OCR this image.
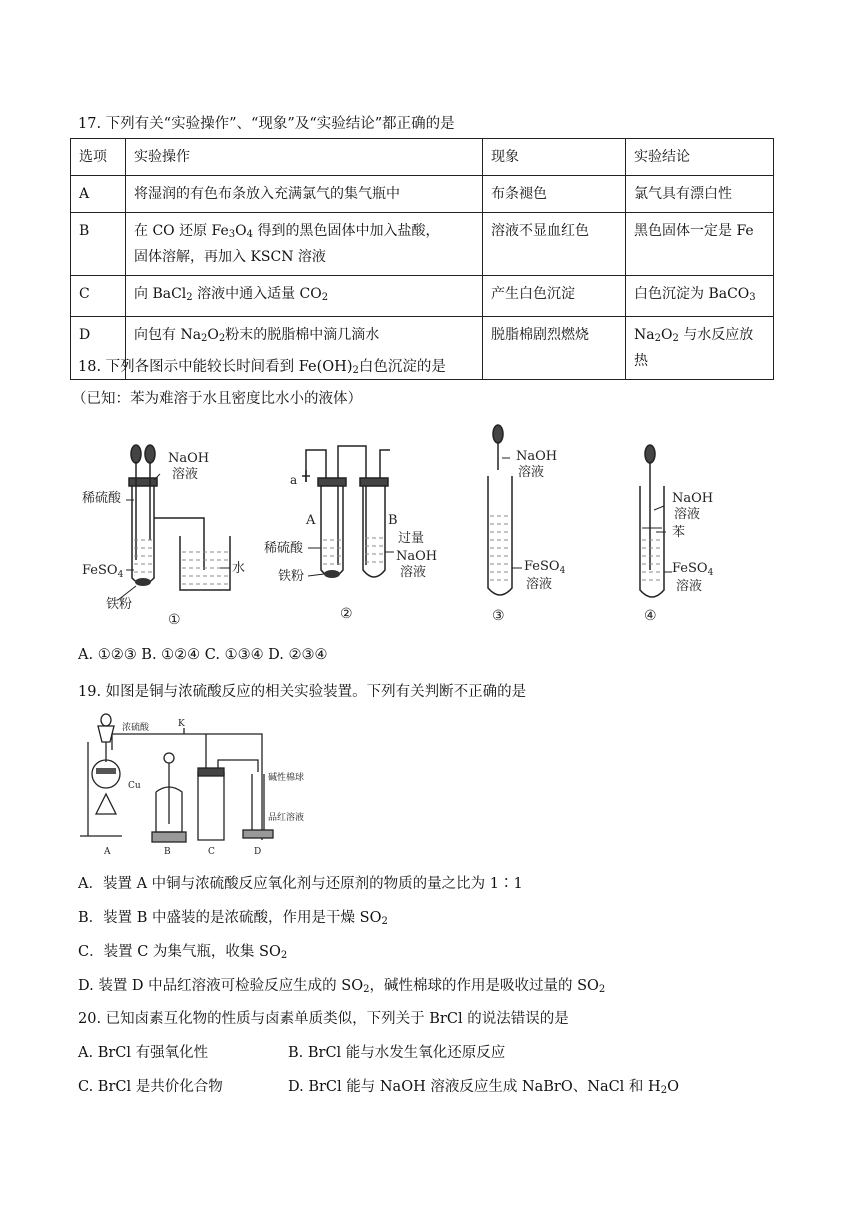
17. 下列有关“实验操作”、“现象”及“实验结论”都正确的是
选项	实验操作	现象	实验结论
A	将湿润的有色布条放入充满氯气的集气瓶中	布条褪色	氯气具有漂白性
B	在 CO 还原 $Fe_3O_4$ 得到的黑色固体中加入盐酸，
固体溶解，再加入 KSCN 溶液	溶液不显血红色	黑色固体一定是 Fe
C	向 BaCl$_2$ 溶液中通入适量 $CO_2$	产生白色沉淀	白色沉淀为 BaCO$_3$
D	向包有 $Na_2O_2$粉末的脱脂棉中滴几滴水	脱脂棉剧烈燃烧	$Na_2O_2$ 与水反应放热
18. 下列各图示中能较长时间看到 $Fe(OH)_2$白色沉淀的是
（已知：苯为难溶于水且密度比水小的液体）
稀硫酸
NaOH
溶液
FeSO$_4$	水
铁粉
①
a
A	B
稀硫酸
铁粉
过量
NaOH
溶液
②
NaOH
溶液
FeSO$_4$
溶液
③
NaOH
溶液
苯
FeSO$_4$
溶液
④
A. ①②③ B. ①②④ C. ①③④ D. ②③④
19. 如图是铜与浓硫酸反应的相关实验装置。下列有关判断不正确的是
浓硫酸	K
Cu
碱性棉球
品红溶液
A	B	C	D
A．装置 A 中铜与浓硫酸反应氧化剂与还原剂的物质的量之比为 1∶1
B．装置 B 中盛装的是浓硫酸，作用是干燥 $SO_2$
C．装置 C 为集气瓶，收集 $SO_2$
D. 装置 D 中品红溶液可检验反应生成的 $SO_2$，碱性棉球的作用是吸收过量的 $SO_2$
20. 已知卤素互化物的性质与卤素单质类似，下列关于 BrCl 的说法错误的是
A. BrCl 有强氧化性	B. BrCl 能与水发生氧化还原反应
C. BrCl 是共价化合物	D. BrCl 能与 NaOH 溶液反应生成 NaBrO、NaCl 和 $H_2O$
